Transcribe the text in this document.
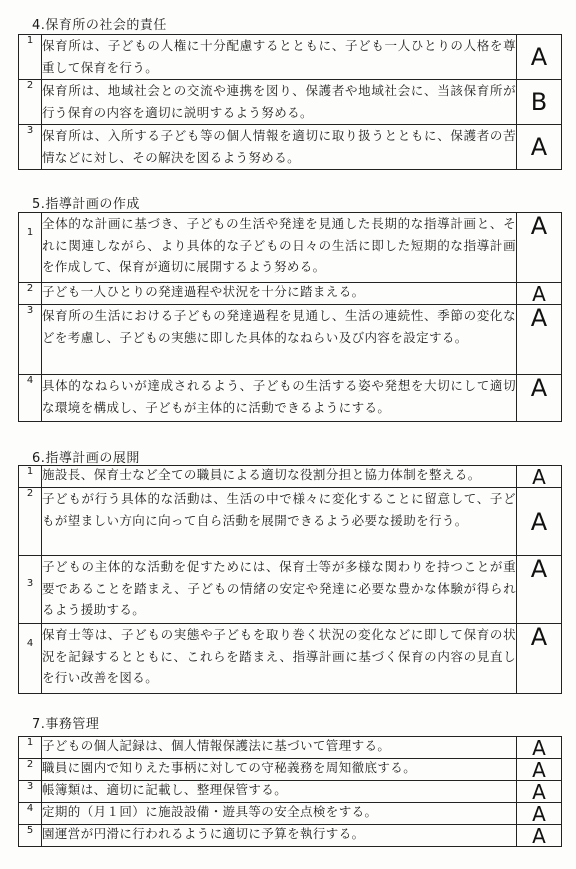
4.保育所の社会的責任
1	保育所は、子どもの人権に十分配慮するとともに、子ども一人ひとりの人格を尊重して保育を行う。	A
2	保育所は、地域社会との交流や連携を図り、保護者や地域社会に、当該保育所が行う保育の内容を適切に説明するよう努める。	B
3	保育所は、入所する子ども等の個人情報を適切に取り扱うとともに、保護者の苦情などに対し、その解決を図るよう努める。	A
5.指導計画の作成
1	全体的な計画に基づき、子どもの生活や発達を見通した長期的な指導計画と、それに関連しながら、より具体的な子どもの日々の生活に即した短期的な指導計画を作成して、保育が適切に展開するよう努める。	A
2	子ども一人ひとりの発達過程や状況を十分に踏まえる。	A
3	保育所の生活における子どもの発達過程を見通し、生活の連続性、季節の変化などを考慮し、子どもの実態に即した具体的なねらい及び内容を設定する。	A
4	具体的なねらいが達成されるよう、子どもの生活する姿や発想を大切にして適切な環境を構成し、子どもが主体的に活動できるようにする。	A
6.指導計画の展開
1	施設長、保育士など全ての職員による適切な役割分担と協力体制を整える。	A
2	子どもが行う具体的な活動は、生活の中で様々に変化することに留意して、子どもが望ましい方向に向って自ら活動を展開できるよう必要な援助を行う。	A
3	子どもの主体的な活動を促すためには、保育士等が多様な関わりを持つことが重要であることを踏まえ、子どもの情緒の安定や発達に必要な豊かな体験が得られるよう援助する。	A
4	保育士等は、子どもの実態や子どもを取り巻く状況の変化などに即して保育の状況を記録するとともに、これらを踏まえ、指導計画に基づく保育の内容の見直しを行い改善を図る。	A
7.事務管理
1	子どもの個人記録は、個人情報保護法に基づいて管理する。	A
2	職員に園内で知りえた事柄に対しての守秘義務を周知徹底する。	A
3	帳簿類は、適切に記載し、整理保管する。	A
4	定期的（月１回）に施設設備・遊具等の安全点検をする。	A
5	園運営が円滑に行われるように適切に予算を執行する。	A
